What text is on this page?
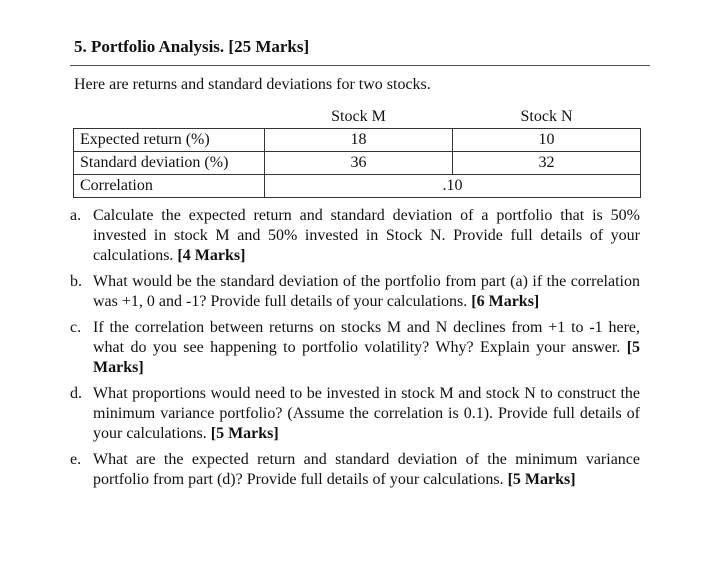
5. Portfolio Analysis. [25 Marks]
Here are returns and standard deviations for two stocks.
	Stock M	Stock N
Expected return (%)	18	10
Standard deviation (%)	36	32
Correlation	.10	
a. Calculate the expected return and standard deviation of a portfolio that is 50% invested in stock M and 50% invested in Stock N. Provide full details of your calculations. [4 Marks]
b. What would be the standard deviation of the portfolio from part (a) if the correlation was +1, 0 and -1? Provide full details of your calculations. [6 Marks]
c. If the correlation between returns on stocks M and N declines from +1 to -1 here, what do you see happening to portfolio volatility? Why? Explain your answer. [5 Marks]
d. What proportions would need to be invested in stock M and stock N to construct the minimum variance portfolio? (Assume the correlation is 0.1). Provide full details of your calculations. [5 Marks]
e. What are the expected return and standard deviation of the minimum variance portfolio from part (d)? Provide full details of your calculations. [5 Marks]
